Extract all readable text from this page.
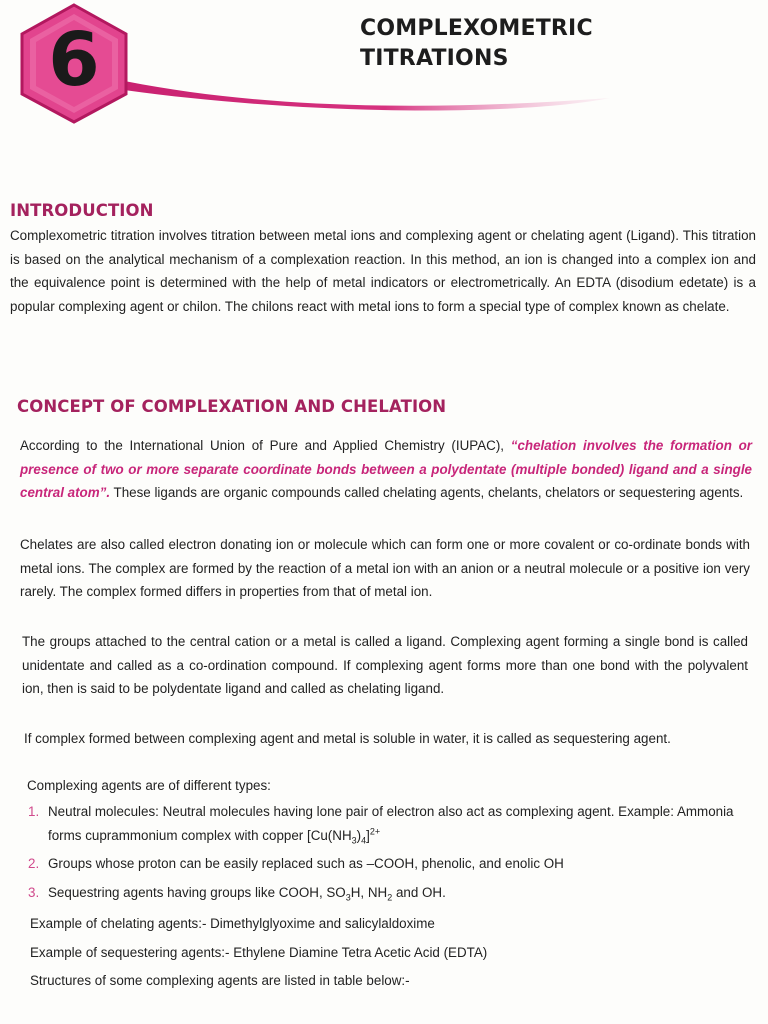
6	COMPLEXOMETRIC
TITRATIONS
INTRODUCTION

Complexometric titration involves titration between metal ions and complexing agent or chelating agent (Ligand). This titration is based on the analytical mechanism of a complexation reaction. In this method, an ion is changed into a complex ion and the equivalence point is determined with the help of metal indicators or electrometrically. An EDTA (disodium edetate) is a popular complexing agent or chilon. The chilons react with metal ions to form a special type of complex known as chelate.

CONCEPT OF COMPLEXATION AND CHELATION

According to the International Union of Pure and Applied Chemistry (IUPAC), “chelation involves the formation or presence of two or more separate coordinate bonds between a polydentate (multiple bonded) ligand and a single central atom”. These ligands are organic compounds called chelating agents, chelants, chelators or sequestering agents.

Chelates are also called electron donating ion or molecule which can form one or more covalent or co-ordinate bonds with metal ions. The complex are formed by the reaction of a metal ion with an anion or a neutral molecule or a positive ion very rarely. The complex formed differs in properties from that of metal ion.

The groups attached to the central cation or a metal is called a ligand. Complexing agent forming a single bond is called unidentate and called as a co-ordination compound. If complexing agent forms more than one bond with the polyvalent ion, then is said to be polydentate ligand and called as chelating ligand.

If complex formed between complexing agent and metal is soluble in water, it is called as sequestering agent.

Complexing agents are of different types:

1. Neutral molecules: Neutral molecules having lone pair of electron also act as complexing agent. Example: Ammonia forms cuprammonium complex with copper $[Cu(NH_3)_4]^{2+}$
2. Groups whose proton can be easily replaced such as –COOH, phenolic, and enolic OH
3. Sequestring agents having groups like COOH, $SO_3H$, $NH_2$ and OH.

Example of chelating agents:- Dimethylglyoxime and salicylaldoxime

Example of sequestering agents:- Ethylene Diamine Tetra Acetic Acid (EDTA)

Structures of some complexing agents are listed in table below:-
